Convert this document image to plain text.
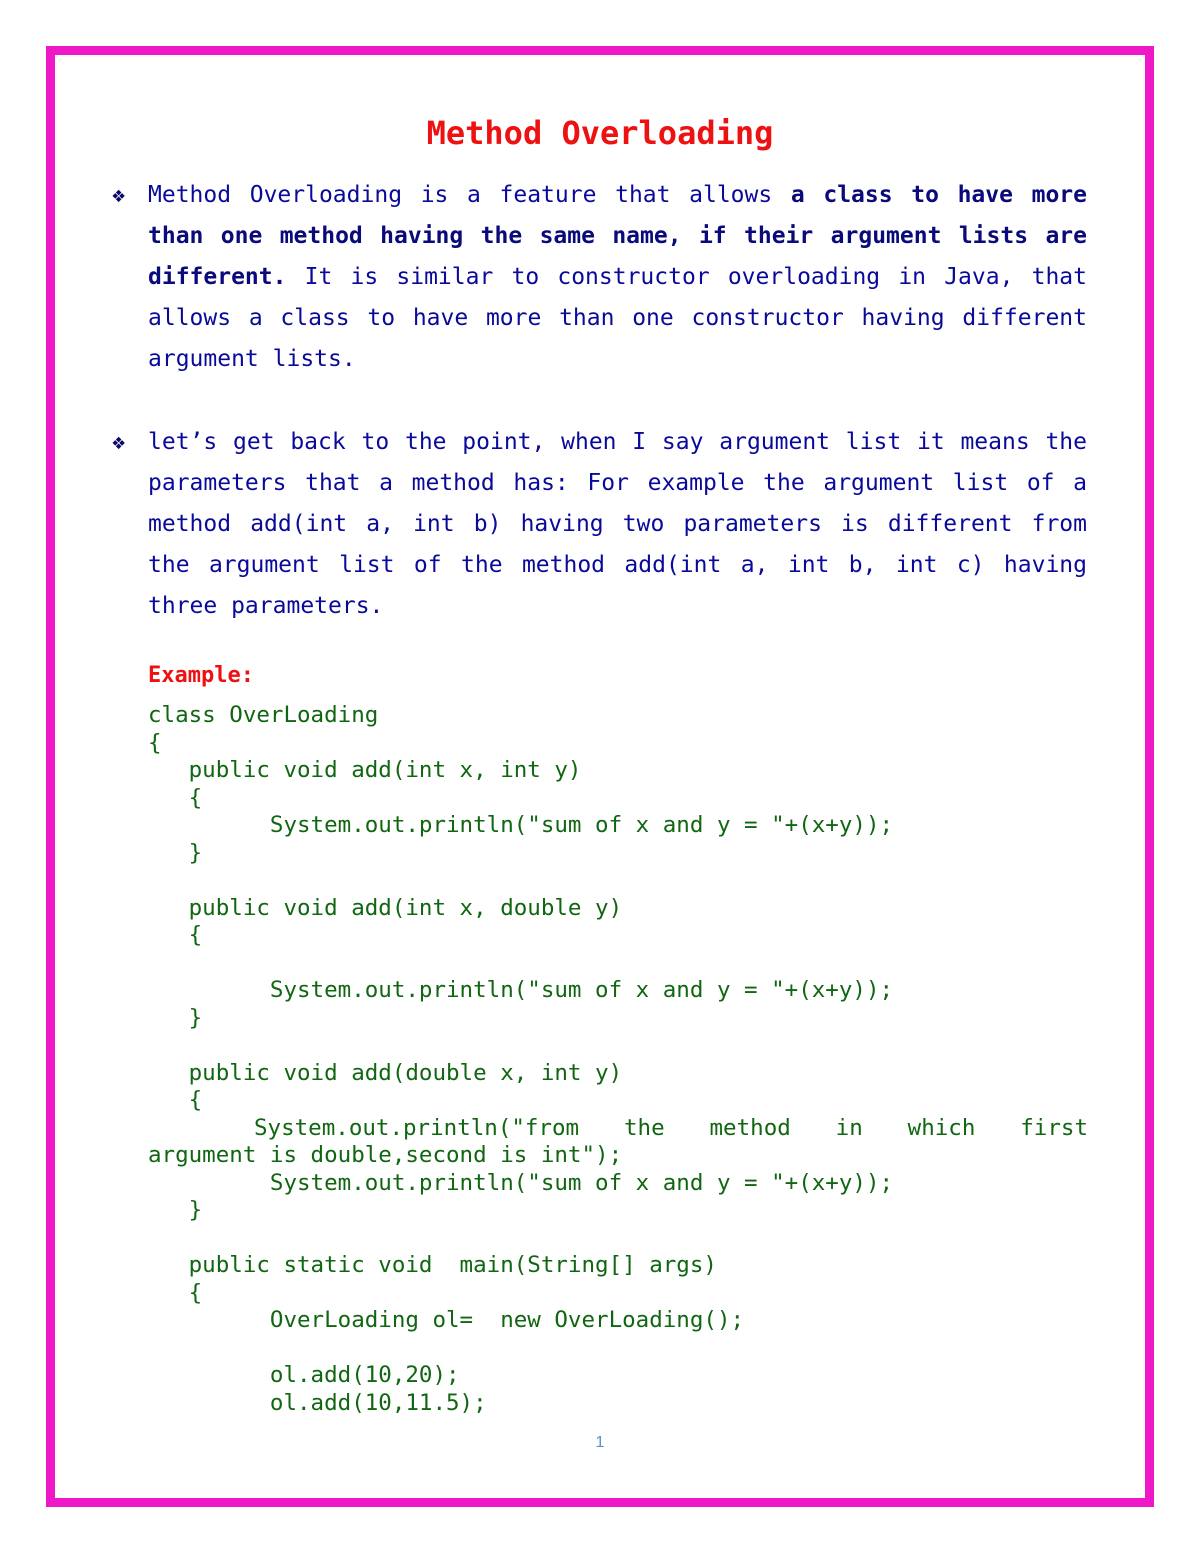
Method Overloading
❖ Method Overloading is a feature that allows a class to have more than one method having the same name, if their argument lists are different. It is similar to constructor overloading in Java, that allows a class to have more than one constructor having different argument lists.
❖ let’s get back to the point, when I say argument list it means the parameters that a method has: For example the argument list of a method add(int a, int b) having two parameters is different from the argument list of the method add(int a, int b, int c) having three parameters.
Example:
class OverLoading
{
public void add(int x, int y)
{
System.out.println("sum of x and y = "+(x+y));
}
public void add(int x, double y)
{
System.out.println("sum of x and y = "+(x+y));
}
public void add(double x, int y)
{
System.out.println("from the method in which first
argument is double,second is int");
System.out.println("sum of x and y = "+(x+y));
}
public static void  main(String[] args)
{
OverLoading ol=  new OverLoading();
ol.add(10,20);
ol.add(10,11.5);
1
